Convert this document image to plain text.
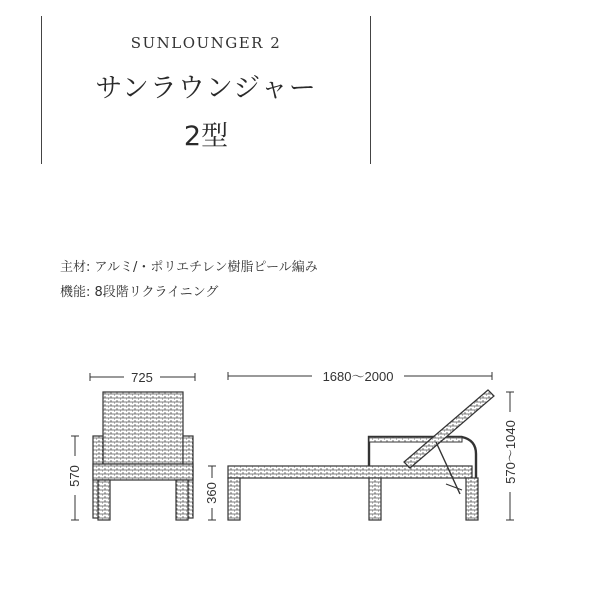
SUNLOUNGER 2
サンラウンジャー
2型
主材: アルミ/・ポリエチレン樹脂ピール編み
機能: 8段階リクライニング
725
570
1680〜2000
360
570〜1040
